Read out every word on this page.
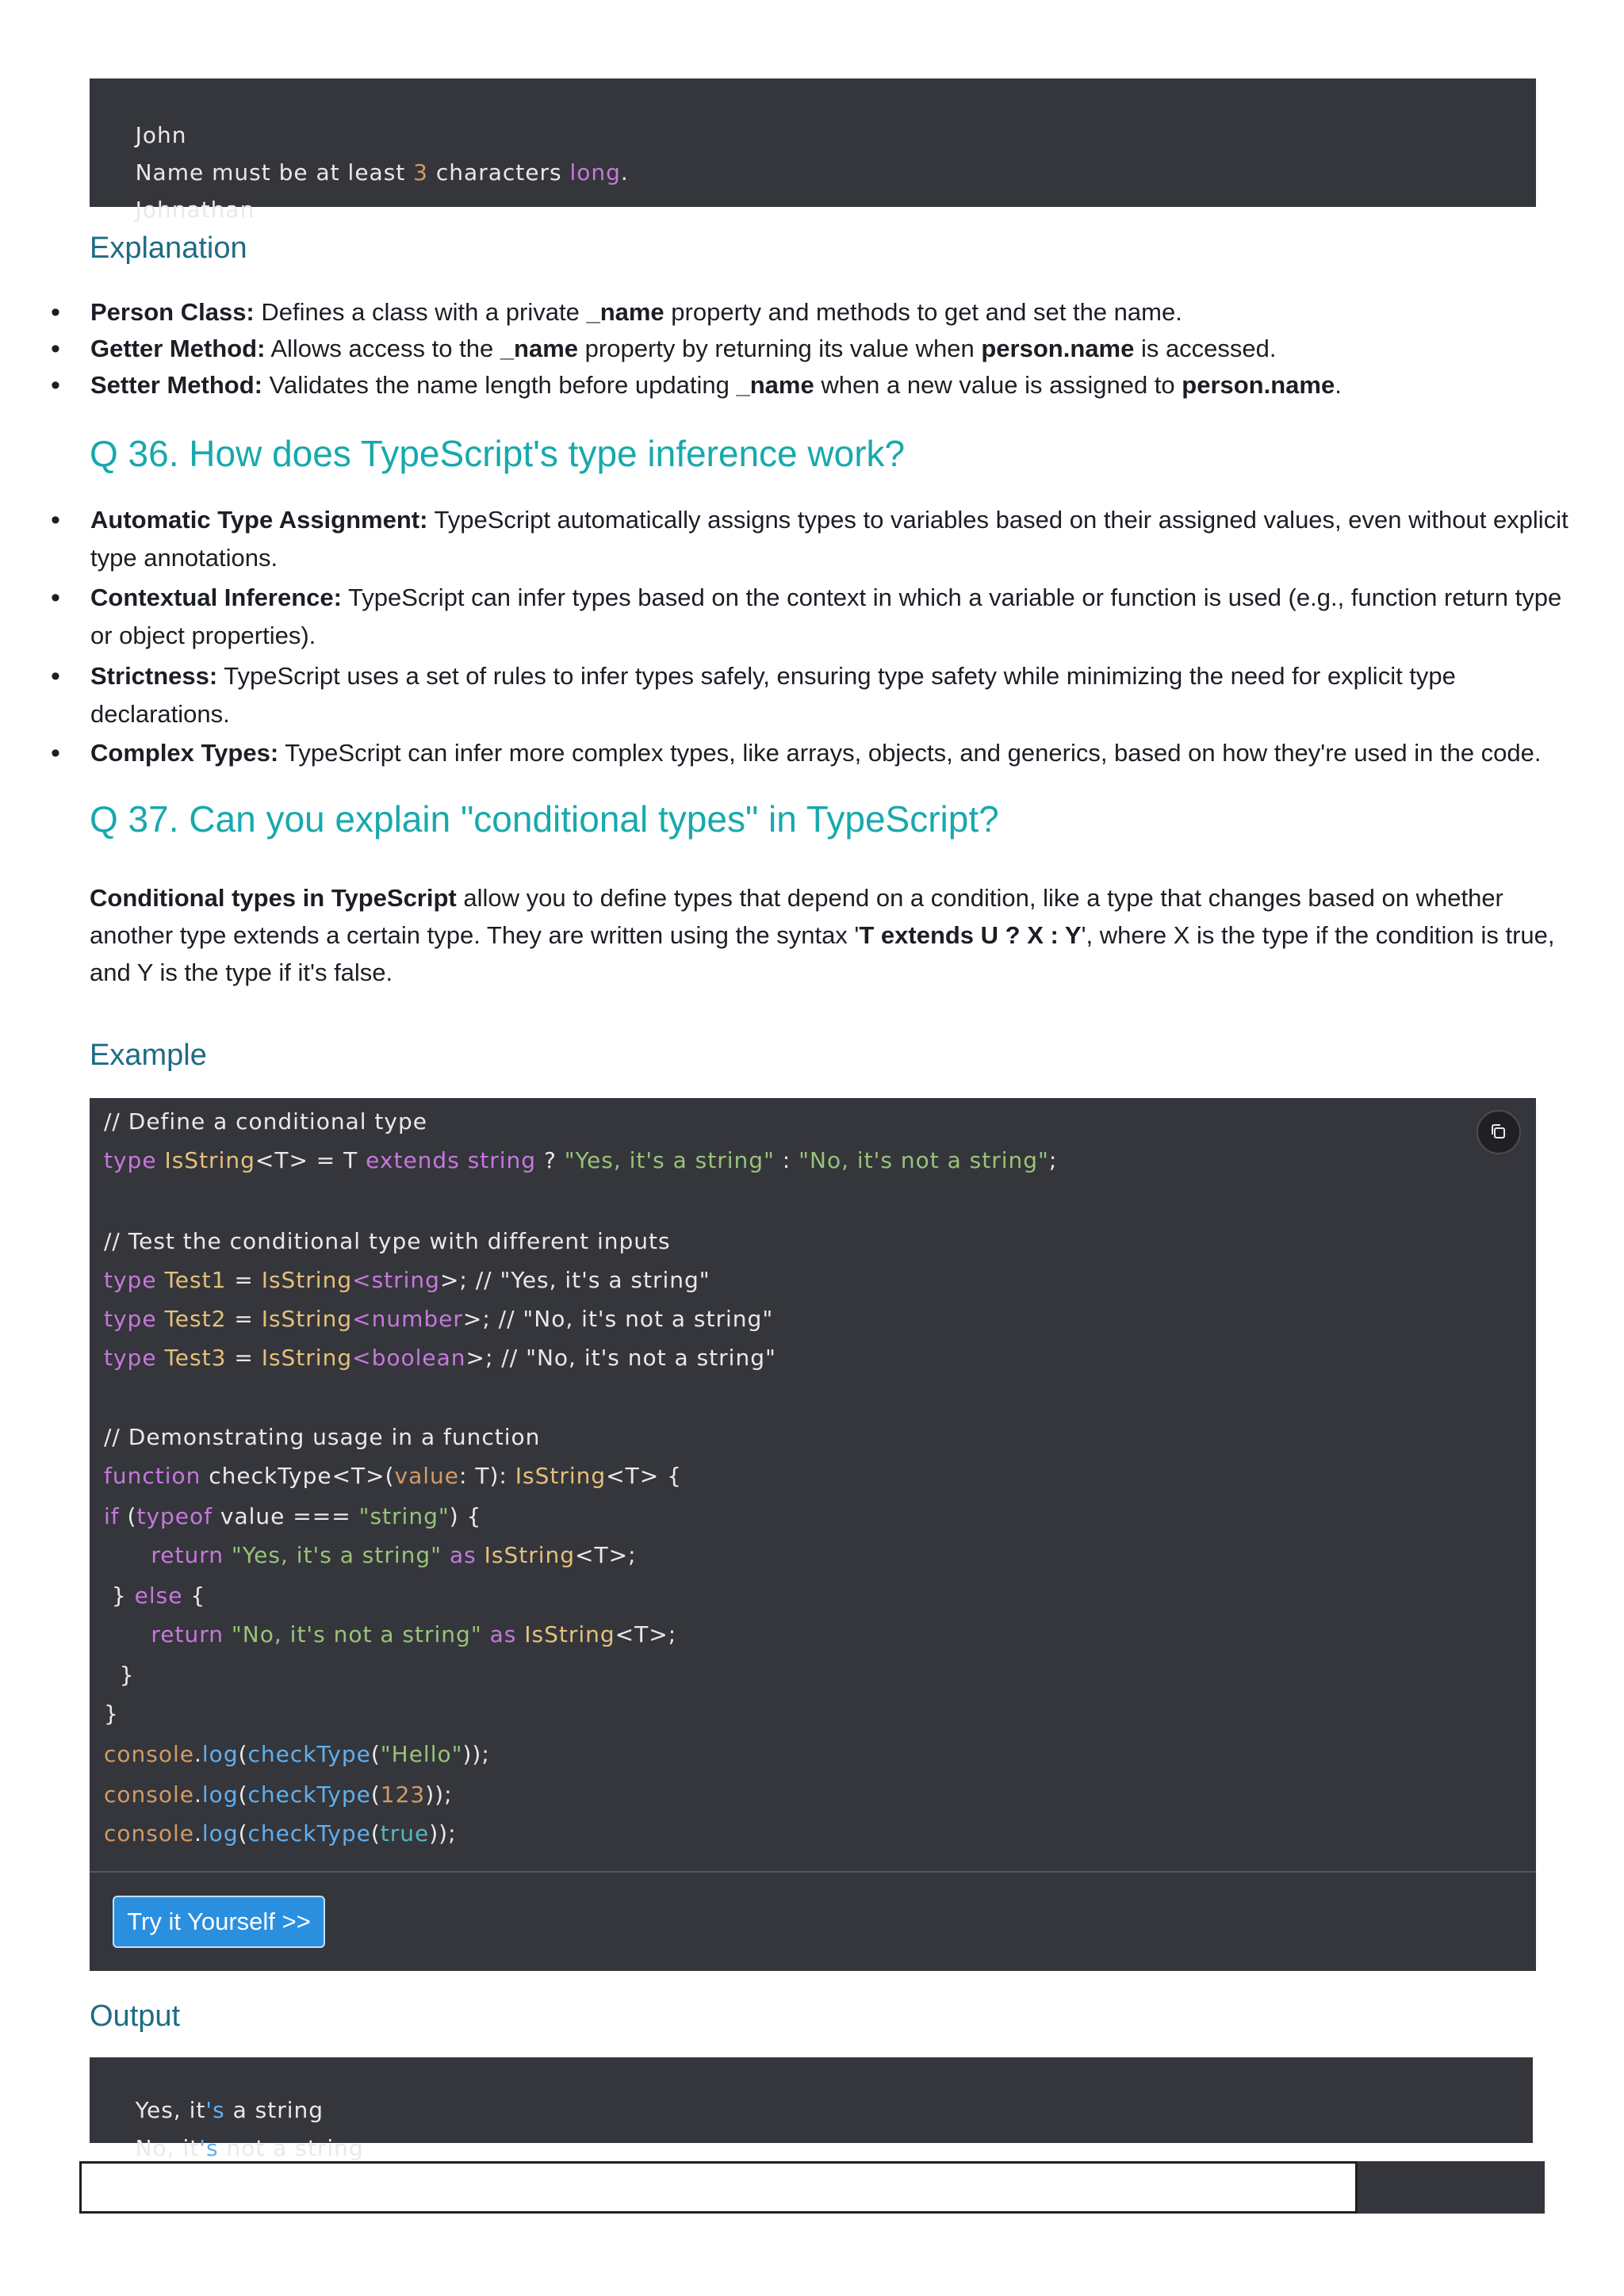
John

Name must be at least 3 characters long.

Johnathan

Explanation
• Person Class: Defines a class with a private _name property and methods to get and set the name.
• Getter Method: Allows access to the _name property by returning its value when person.name is accessed.
• Setter Method: Validates the name length before updating _name when a new value is assigned to person.name.
Q 36. How does TypeScript's type inference work?
• Automatic Type Assignment: TypeScript automatically assigns types to variables based on their assigned values, even without explicit type annotations.
• Contextual Inference: TypeScript can infer types based on the context in which a variable or function is used (e.g., function return type or object properties).
• Strictness: TypeScript uses a set of rules to infer types safely, ensuring type safety while minimizing the need for explicit type declarations.
• Complex Types: TypeScript can infer more complex types, like arrays, objects, and generics, based on how they're used in the code.
Q 37. Can you explain "conditional types" in TypeScript?
Conditional types in TypeScript allow you to define types that depend on a condition, like a type that changes based on whether another type extends a certain type. They are written using the syntax 'T extends U ? X : Y', where X is the type if the condition is true, and Y is the type if it's false.
Example
// Define a conditional type
type IsString<T> = T extends string ? "Yes, it's a string" : "No, it's not a string";
// Test the conditional type with different inputs
type Test1 = IsString<string>; // "Yes, it's a string"
type Test2 = IsString<number>; // "No, it's not a string"
type Test3 = IsString<boolean>; // "No, it's not a string"
// Demonstrating usage in a function
function checkType<T>(value: T): IsString<T> {
if (typeof value === "string") {
return "Yes, it's a string" as IsString<T>;
} else {
return "No, it's not a string" as IsString<T>;
}
}
console.log(checkType("Hello"));
console.log(checkType(123));
console.log(checkType(true));
Try it Yourself >>
Output

Yes, it's a string

No, it's not a string
